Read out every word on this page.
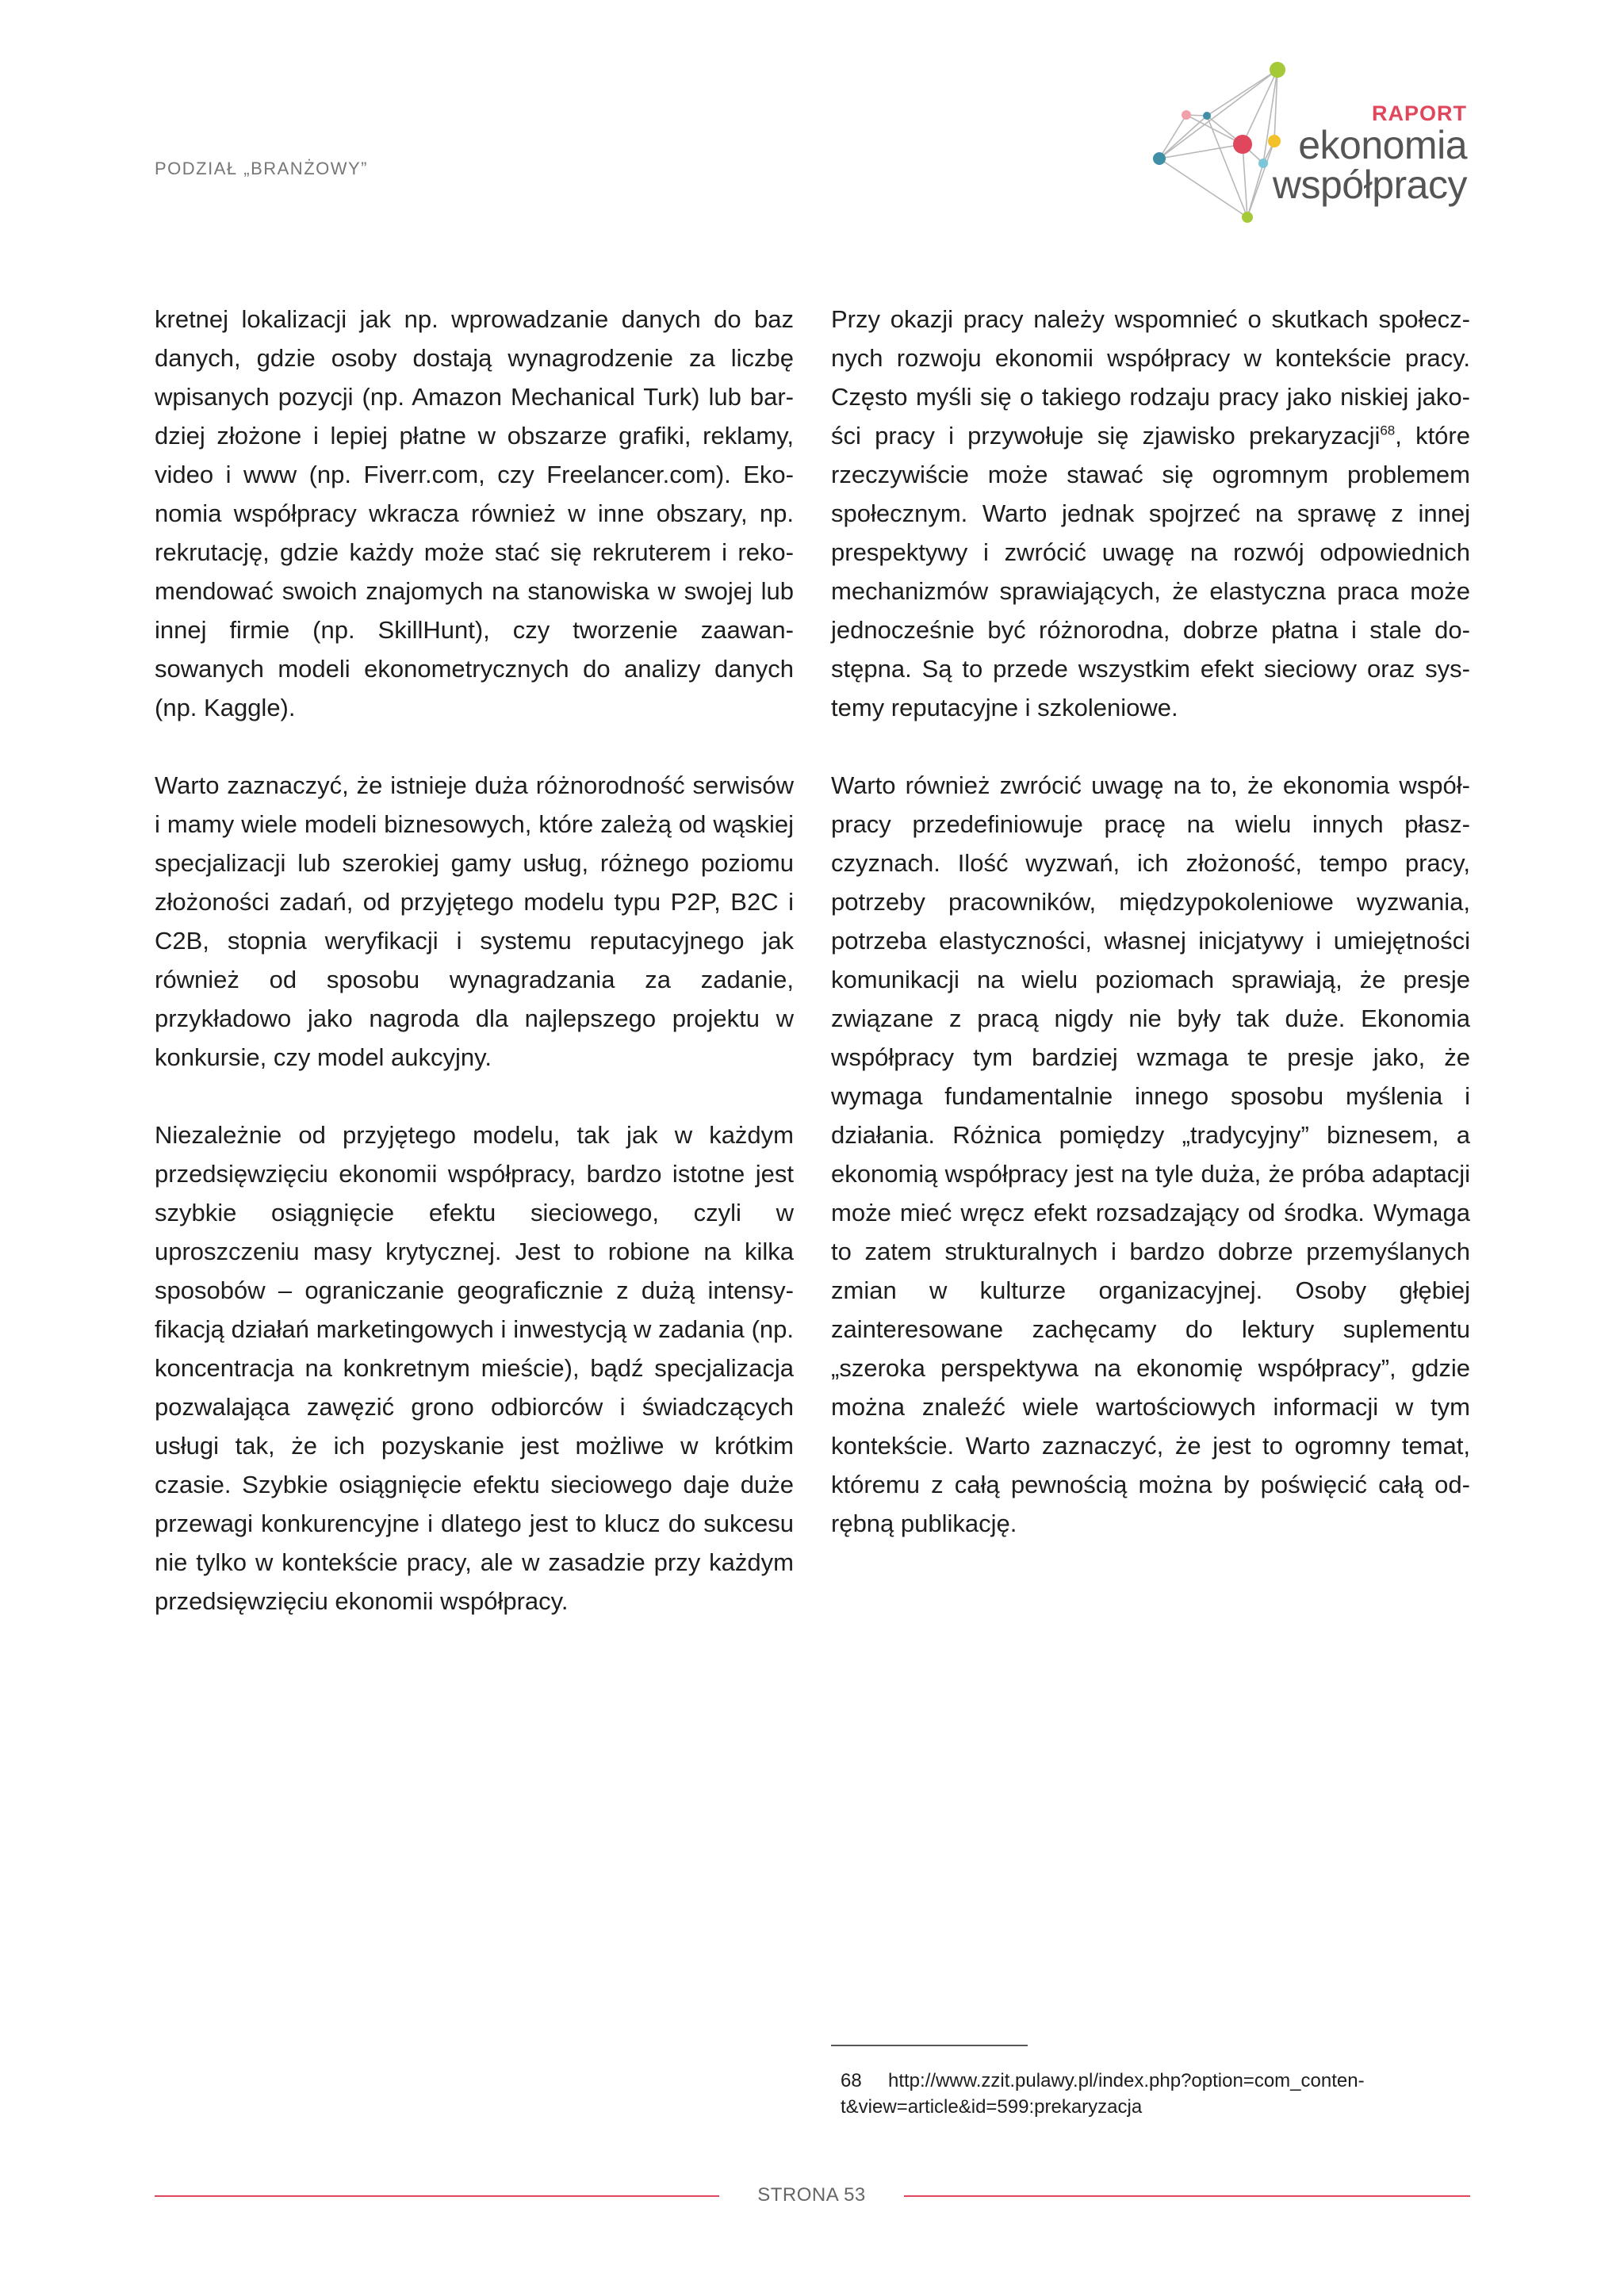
PODZIAŁ „BRANŻOWY”
RAPORT
ekonomia
współpracy

kretnej lokalizacji jak np. wprowadzanie danych do baz danych, gdzie osoby dostają wynagrodzenie za liczbę wpisanych pozycji (np. Amazon Mechanical Turk) lub bardziej złożone i lepiej płatne w obszarze grafiki, reklamy, video i www (np. Fiverr.com, czy Freelancer.com). Ekonomia współpracy wkracza również w inne obszary, np. rekrutację, gdzie każdy może stać się rekruterem i rekomendować swoich znajomych na stanowiska w swojej lub innej firmie (np. SkillHunt), czy tworzenie zaawansowanych modeli ekonometrycznych do analizy danych (np. Kaggle).

Warto zaznaczyć, że istnieje duża różnorodność serwisów i mamy wiele modeli biznesowych, które zależą od wąskiej specjalizacji lub szerokiej gamy usług, różnego poziomu złożoności zadań, od przyjętego modelu typu P2P, B2C i C2B, stopnia weryfikacji i systemu reputacyjnego jak również od sposobu wynagradzania za zadanie, przykładowo jako nagroda dla najlepszego projektu w konkursie, czy model aukcyjny.

Niezależnie od przyjętego modelu, tak jak w każdym przedsięwzięciu ekonomii współpracy, bardzo istotne jest szybkie osiągnięcie efektu sieciowego, czyli w uproszczeniu masy krytycznej. Jest to robione na kilka sposobów – ograniczanie geograficznie z dużą intensyfikacją działań marketingowych i inwestycją w zadania (np. koncentracja na konkretnym mieście), bądź specjalizacja pozwalająca zawęzić grono odbiorców i świadczących usługi tak, że ich pozyskanie jest możliwe w krótkim czasie. Szybkie osiągnięcie efektu sieciowego daje duże przewagi konkurencyjne i dlatego jest to klucz do sukcesu nie tylko w kontekście pracy, ale w zasadzie przy każdym przedsięwzięciu ekonomii współpracy.

Przy okazji pracy należy wspomnieć o skutkach społecznych rozwoju ekonomii współpracy w kontekście pracy. Często myśli się o takiego rodzaju pracy jako niskiej jakości pracy i przywołuje się zjawisko prekaryzacji$^{68}$, które rzeczywiście może stawać się ogromnym problemem społecznym. Warto jednak spojrzeć na sprawę z innej prespektywy i zwrócić uwagę na rozwój odpowiednich mechanizmów sprawiających, że elastyczna praca może jednocześnie być różnorodna, dobrze płatna i stale dostępna. Są to przede wszystkim efekt sieciowy oraz systemy reputacyjne i szkoleniowe.

Warto również zwrócić uwagę na to, że ekonomia współpracy przedefiniowuje pracę na wielu innych płaszczyznach. Ilość wyzwań, ich złożoność, tempo pracy, potrzeby pracowników, międzypokoleniowe wyzwania, potrzeba elastyczności, własnej inicjatywy i umiejętności komunikacji na wielu poziomach sprawiają, że presje związane z pracą nigdy nie były tak duże. Ekonomia współpracy tym bardziej wzmaga te presje jako, że wymaga fundamentalnie innego sposobu myślenia i działania. Różnica pomiędzy „tradycyjny” biznesem, a ekonomią współpracy jest na tyle duża, że próba adaptacji może mieć wręcz efekt rozsadzający od środka. Wymaga to zatem strukturalnych i bardzo dobrze przemyślanych zmian w kulturze organizacyjnej. Osoby głębiej zainteresowane zachęcamy do lektury suplementu „szeroka perspektywa na ekonomię współpracy”, gdzie można znaleźć wiele wartościowych informacji w tym kontekście. Warto zaznaczyć, że jest to ogromny temat, któremu z całą pewnością można by poświęcić całą odrębną publikację.

68 http://www.zzit.pulawy.pl/index.php?option=com_content&view=article&id=599:prekaryzacja
STRONA 53
